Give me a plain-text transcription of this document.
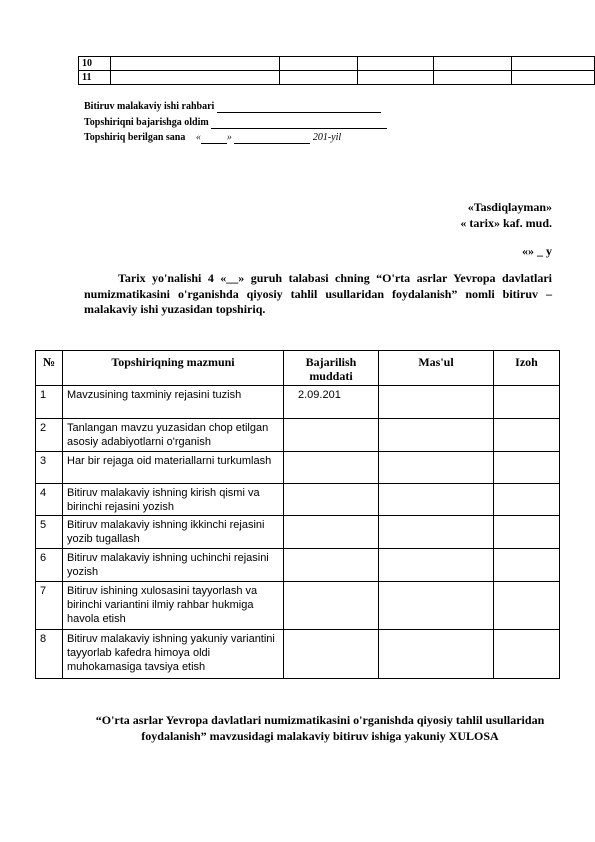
10					
11					
Bitiruv malakaviy ishi rahbari
Topshiriqni bajarishga oldim
Topshiriq berilgan sana «	»	201-yil
«Tasdiqlayman»
« tarix» kaf. mud.
«» _ y
Tarix yo'nalishi 4 «__» guruh talabasi chning “O'rta asrlar Yevropa davlatlari numizmatikasini o'rganishda qiyosiy tahlil usullaridan foydalanish” nomli bitiruv – malakaviy ishi yuzasidan topshiriq.
№	Topshiriqning mazmuni	Bajarilish muddati	Mas'ul	Izoh
1	Mavzusining taxminiy rejasini tuzish	2.09.201		
2	Tanlangan mavzu yuzasidan chop etilgan asosiy adabiyotlarni o'rganish			
3	Har bir rejaga oid materiallarni turkumlash			
4	Bitiruv malakaviy ishning kirish qismi va birinchi rejasini yozish			
5	Bitiruv malakaviy ishning ikkinchi rejasini yozib tugallash			
6	Bitiruv malakaviy ishning uchinchi rejasini yozish			
7	Bitiruv ishining xulosasini tayyorlash va birinchi variantini ilmiy rahbar hukmiga havola etish			
8	Bitiruv malakaviy ishning yakuniy variantini tayyorlab kafedra himoya oldi muhokamasiga tavsiya etish			
“O'rta asrlar Yevropa davlatlari numizmatikasini o'rganishda qiyosiy tahlil usullaridan foydalanish” mavzusidagi malakaviy bitiruv ishiga yakuniy XULOSA
